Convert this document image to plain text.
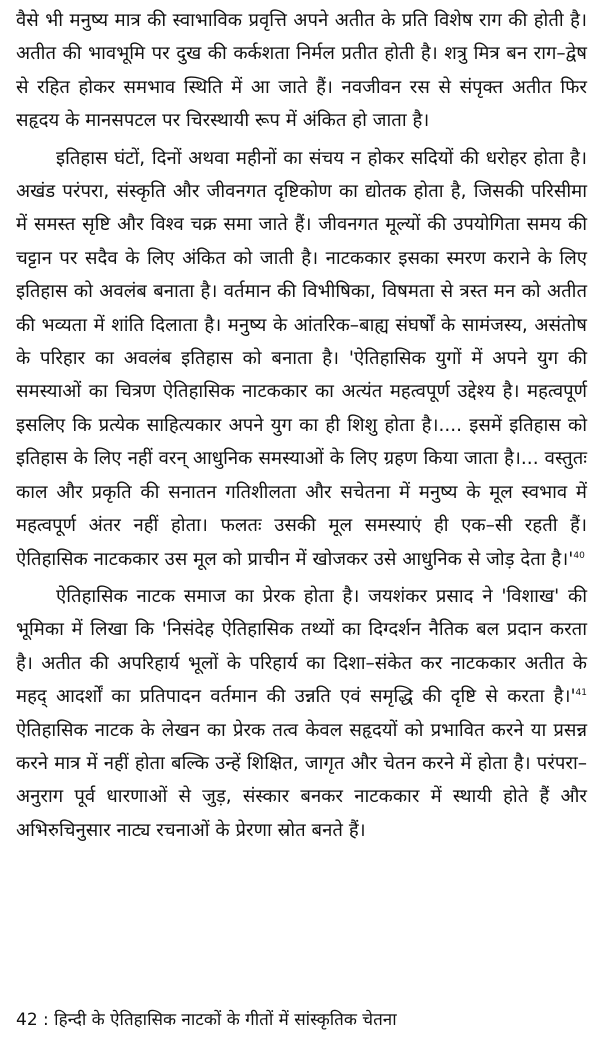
वैसे भी मनुष्य मात्र की स्वाभाविक प्रवृत्ति अपने अतीत के प्रति विशेष राग की होती है। अतीत की भावभूमि पर दुख की कर्कशता निर्मल प्रतीत होती है। शत्रु मित्र बन राग–द्वेष से रहित होकर समभाव स्थिति में आ जाते हैं। नवजीवन रस से संपृक्त अतीत फिर सहृदय के मानसपटल पर चिरस्थायी रूप में अंकित हो जाता है।

इतिहास घंटों, दिनों अथवा महीनों का संचय न होकर सदियों की धरोहर होता है। अखंड परंपरा, संस्कृति और जीवनगत दृष्टिकोण का द्योतक होता है, जिसकी परिसीमा में समस्त सृष्टि और विश्व चक्र समा जाते हैं। जीवनगत मूल्यों की उपयोगिता समय की चट्टान पर सदैव के लिए अंकित को जाती है। नाटककार इसका स्मरण कराने के लिए इतिहास को अवलंब बनाता है। वर्तमान की विभीषिका, विषमता से त्रस्त मन को अतीत की भव्यता में शांति दिलाता है। मनुष्य के आंतरिक–बाह्य संघर्षों के सामंजस्य, असंतोष के परिहार का अवलंब इतिहास को बनाता है। 'ऐतिहासिक युगों में अपने युग की समस्याओं का चित्रण ऐतिहासिक नाटककार का अत्यंत महत्वपूर्ण उद्देश्य है। महत्वपूर्ण इसलिए कि प्रत्येक साहित्यकार अपने युग का ही शिशु होता है।.... इसमें इतिहास को इतिहास के लिए नहीं वरन् आधुनिक समस्याओं के लिए ग्रहण किया जाता है।... वस्तुतः काल और प्रकृति की सनातन गतिशीलता और सचेतना में मनुष्य के मूल स्वभाव में महत्वपूर्ण अंतर नहीं होता। फलतः उसकी मूल समस्याएं ही एक–सी रहती हैं। ऐतिहासिक नाटककार उस मूल को प्राचीन में खोजकर उसे आधुनिक से जोड़ देता है।'$^{40}$

ऐतिहासिक नाटक समाज का प्रेरक होता है। जयशंकर प्रसाद ने 'विशाख' की भूमिका में लिखा कि 'निसंदेह ऐतिहासिक तथ्यों का दिग्दर्शन नैतिक बल प्रदान करता है। अतीत की अपरिहार्य भूलों के परिहार्य का दिशा–संकेत कर नाटककार अतीत के महद् आदर्शों का प्रतिपादन वर्तमान की उन्नति एवं समृद्धि की दृष्टि से करता है।'$^{41}$ ऐतिहासिक नाटक के लेखन का प्रेरक तत्व केवल सहृदयों को प्रभावित करने या प्रसन्न करने मात्र में नहीं होता बल्कि उन्हें शिक्षित, जागृत और चेतन करने में होता है। परंपरा–अनुराग पूर्व धारणाओं से जुड़, संस्कार बनकर नाटककार में स्थायी होते हैं और अभिरुचिनुसार नाट्य रचनाओं के प्रेरणा स्रोत बनते हैं।

42 : हिन्दी के ऐतिहासिक नाटकों के गीतों में सांस्कृतिक चेतना
